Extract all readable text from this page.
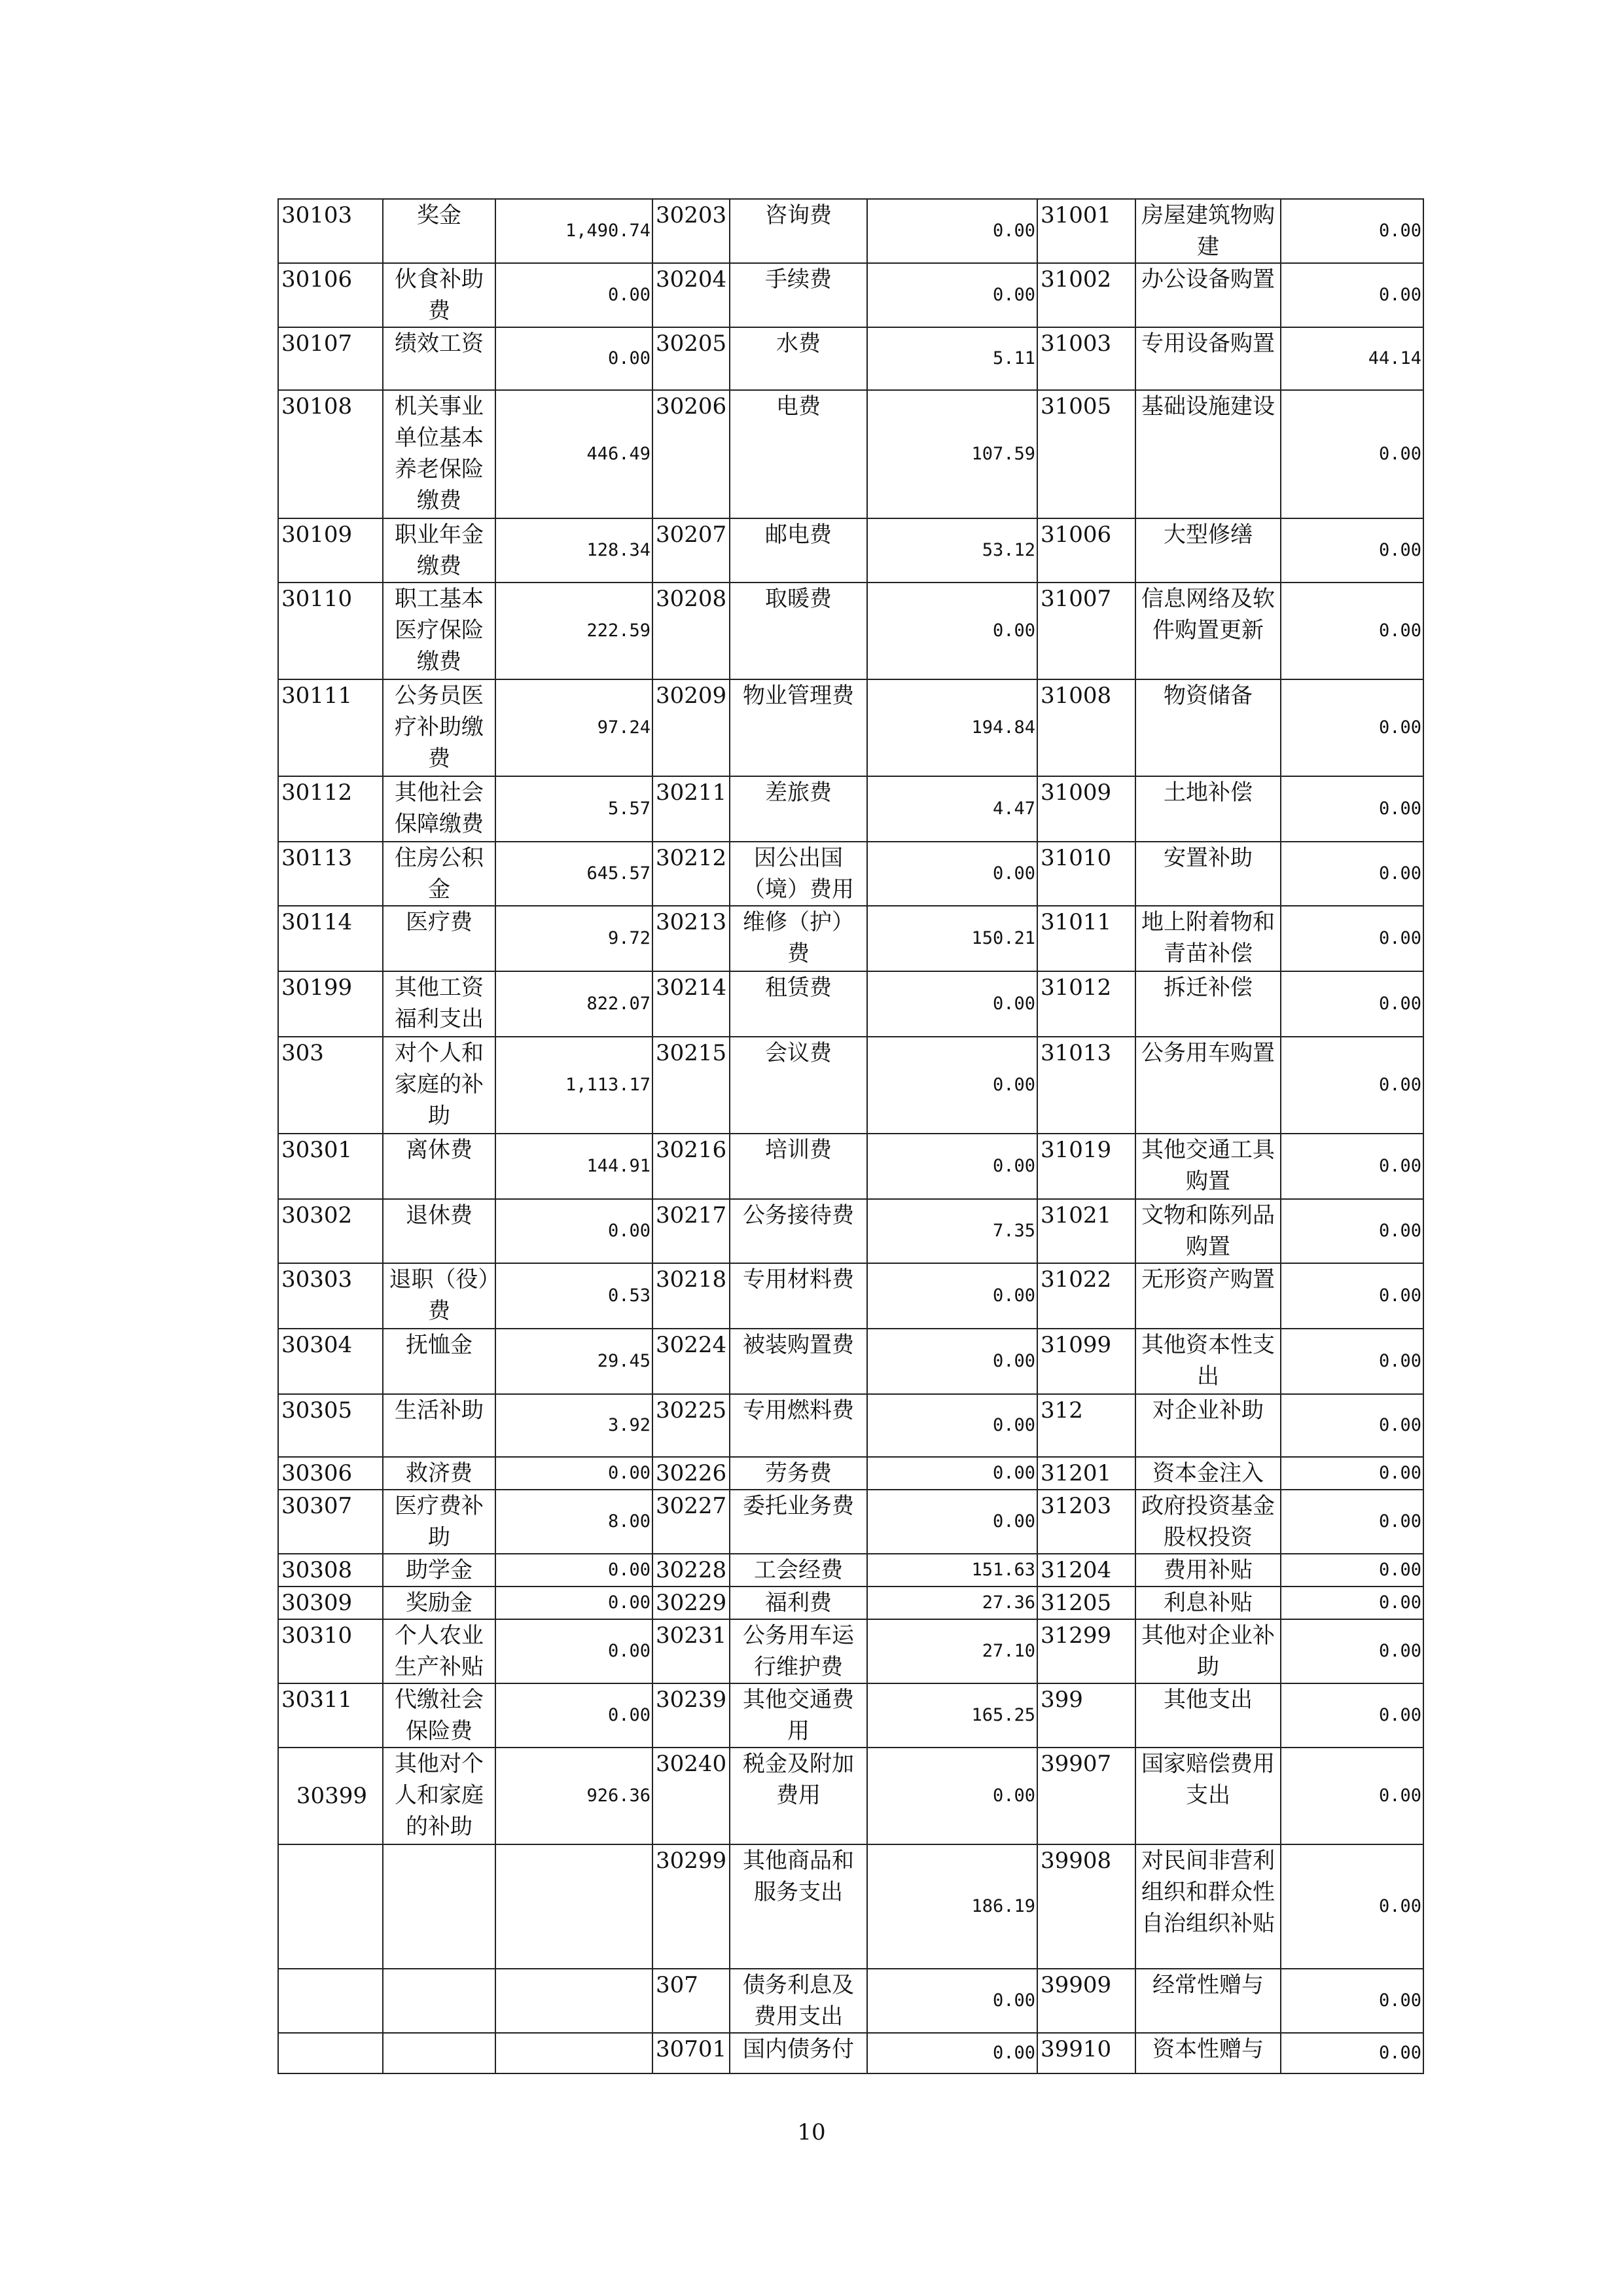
30103	奖金	1,490.74	30203	咨询费	0.00	31001	房屋建筑物购建	0.00
30106	伙食补助费	0.00	30204	手续费	0.00	31002	办公设备购置	0.00
30107	绩效工资	0.00	30205	水费	5.11	31003	专用设备购置	44.14
30108	机关事业单位基本养老保险缴费	446.49	30206	电费	107.59	31005	基础设施建设	0.00
30109	职业年金缴费	128.34	30207	邮电费	53.12	31006	大型修缮	0.00
30110	职工基本医疗保险缴费	222.59	30208	取暖费	0.00	31007	信息网络及软件购置更新	0.00
30111	公务员医疗补助缴费	97.24	30209	物业管理费	194.84	31008	物资储备	0.00
30112	其他社会保障缴费	5.57	30211	差旅费	4.47	31009	土地补偿	0.00
30113	住房公积金	645.57	30212	因公出国（境）费用	0.00	31010	安置补助	0.00
30114	医疗费	9.72	30213	维修（护）费	150.21	31011	地上附着物和青苗补偿	0.00
30199	其他工资福利支出	822.07	30214	租赁费	0.00	31012	拆迁补偿	0.00
303	对个人和家庭的补助	1,113.17	30215	会议费	0.00	31013	公务用车购置	0.00
30301	离休费	144.91	30216	培训费	0.00	31019	其他交通工具购置	0.00
30302	退休费	0.00	30217	公务接待费	7.35	31021	文物和陈列品购置	0.00
30303	退职（役）费	0.53	30218	专用材料费	0.00	31022	无形资产购置	0.00
30304	抚恤金	29.45	30224	被装购置费	0.00	31099	其他资本性支出	0.00
30305	生活补助	3.92	30225	专用燃料费	0.00	312	对企业补助	0.00
30306	救济费	0.00	30226	劳务费	0.00	31201	资本金注入	0.00
30307	医疗费补助	8.00	30227	委托业务费	0.00	31203	政府投资基金股权投资	0.00
30308	助学金	0.00	30228	工会经费	151.63	31204	费用补贴	0.00
30309	奖励金	0.00	30229	福利费	27.36	31205	利息补贴	0.00
30310	个人农业生产补贴	0.00	30231	公务用车运行维护费	27.10	31299	其他对企业补助	0.00
30311	代缴社会保险费	0.00	30239	其他交通费用	165.25	399	其他支出	0.00
30399	其他对个人和家庭的补助	926.36	30240	税金及附加费用	0.00	39907	国家赔偿费用支出	0.00
			30299	其他商品和服务支出	186.19	39908	对民间非营利组织和群众性自治组织补贴	0.00
			307	债务利息及费用支出	0.00	39909	经常性赠与	0.00
			30701	国内债务付	0.00	39910	资本性赠与	0.00
10
